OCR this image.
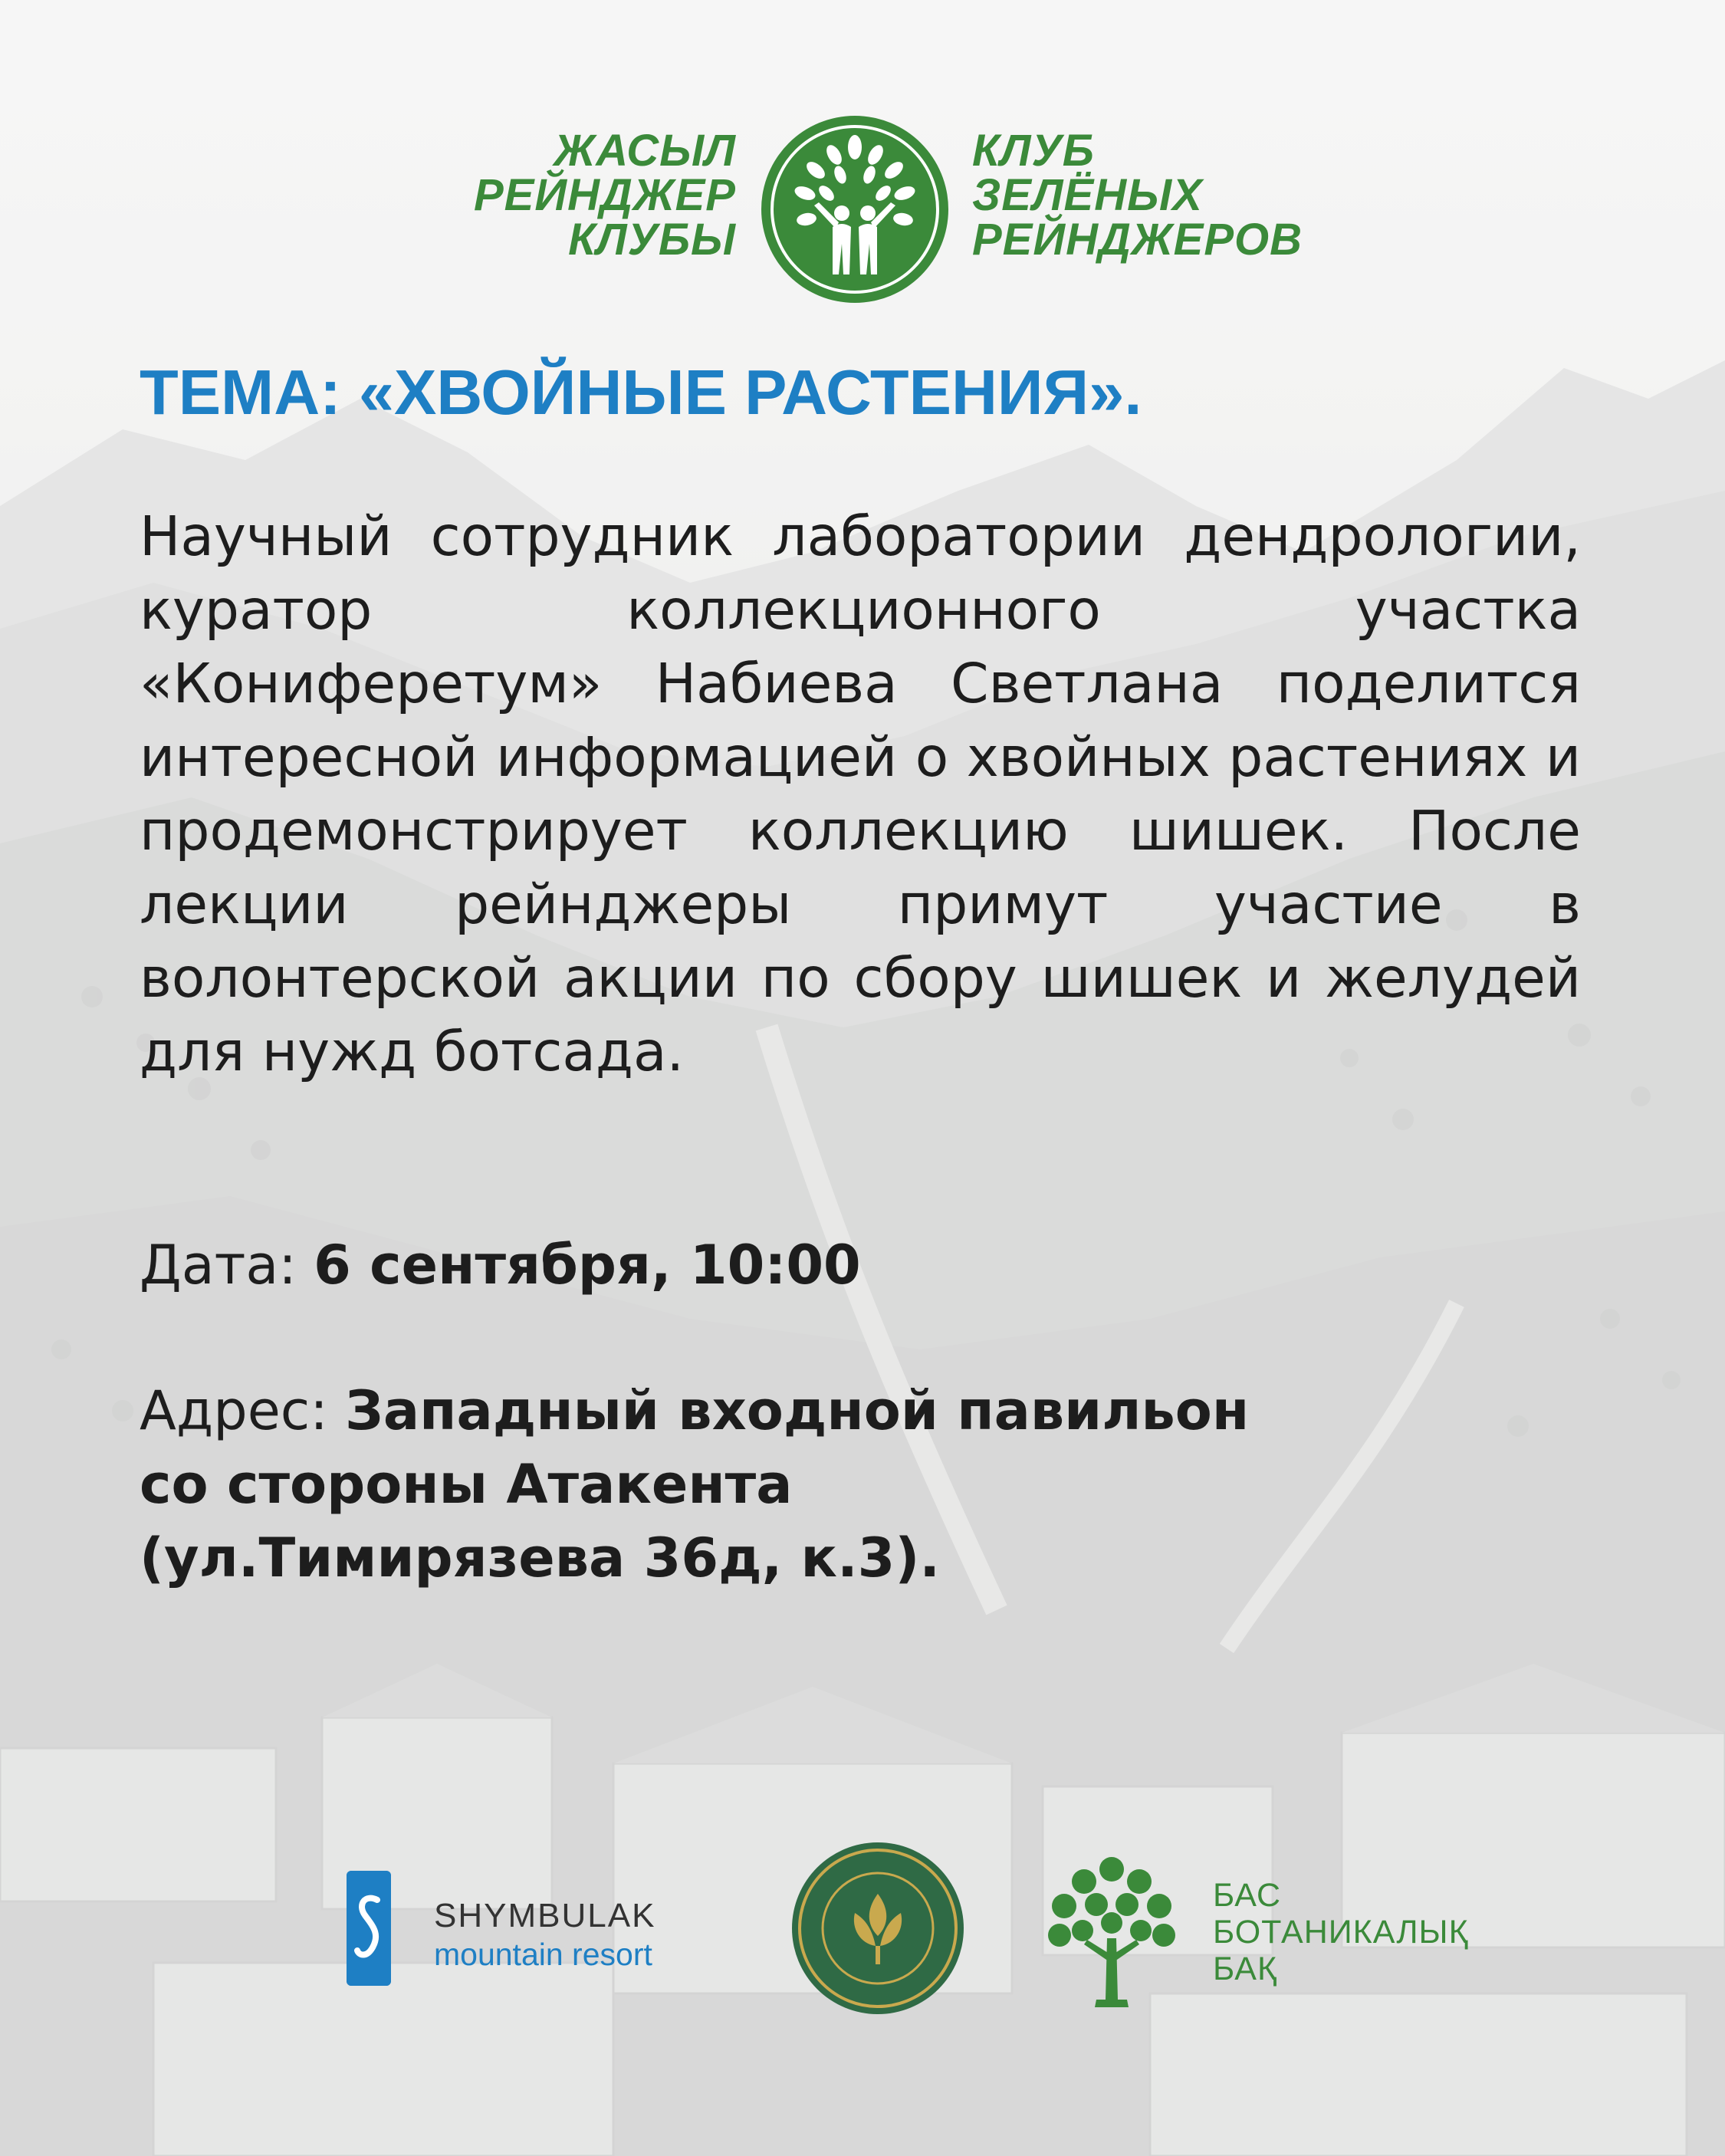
ЖАСЫЛ
РЕЙНДЖЕР
КЛУБЫ
КЛУБ
ЗЕЛЁНЫХ
РЕЙНДЖЕРОВ
ТЕМА: «ХВОЙНЫЕ РАСТЕНИЯ».
Научный сотрудник лаборатории дендрологии, куратор коллекционного участка «Кониферетум» Набиева Светлана поделится интересной информацией о хвойных растениях и продемонстрирует коллекцию шишек. После лекции рейнджеры примут участие в волонтерской акции по сбору шишек и желудей для нужд ботсада.
Дата: 6 сентября, 10:00
Адрес: Западный входной павильон
со стороны Атакента
(ул.Тимирязева 36д, к.3).
SHYMBULAK
mountain resort
БАС
БОТАНИКАЛЫҚ
БАҚ
